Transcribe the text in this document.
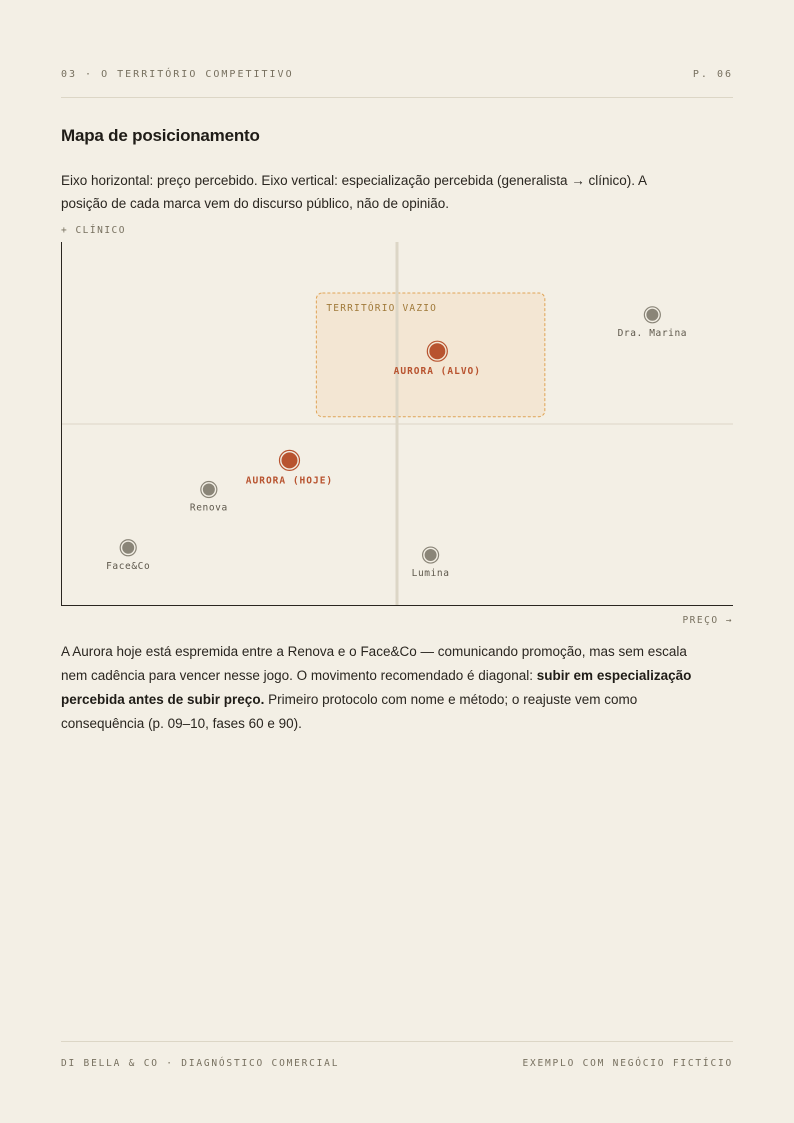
03 · O TERRITÓRIO COMPETITIVO	P. 06
Mapa de posicionamento

Eixo horizontal: preço percebido. Eixo vertical: especialização percebida (generalista → clínico). A posição de cada marca vem do discurso público, não de opinião.

+ CLÍNICO
TERRITÓRIO VAZIO
Dra. Marina
AURORA (ALVO)
AURORA (HOJE)
Renova
Face&Co
Lumina
PREÇO →

A Aurora hoje está espremida entre a Renova e o Face&Co — comunicando promoção, mas sem escala nem cadência para vencer nesse jogo. O movimento recomendado é diagonal: subir em especialização percebida antes de subir preço. Primeiro protocolo com nome e método; o reajuste vem como consequência (p. 09–10, fases 60 e 90).

DI BELLA & CO · DIAGNÓSTICO COMERCIAL	EXEMPLO COM NEGÓCIO FICTÍCIO
